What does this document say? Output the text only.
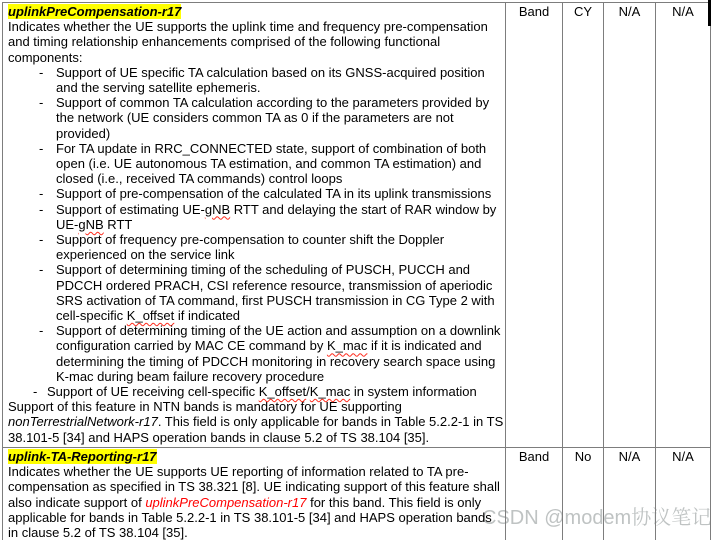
CSDN @modem协议笔记
uplinkPreCompensation-r17
Indicates whether the UE supports the uplink time and frequency pre-compensation and timing relationship enhancements comprised of the following functional components:
- Support of UE specific TA calculation based on its GNSS-acquired position and the serving satellite ephemeris.
- Support of common TA calculation according to the parameters provided by the network (UE considers common TA as 0 if the parameters are not provided)
- For TA update in RRC_CONNECTED state, support of combination of both open (i.e. UE autonomous TA estimation, and common TA estimation) and closed (i.e., received TA commands) control loops
- Support of pre-compensation of the calculated TA in its uplink transmissions
- Support of estimating UE-gNB RTT and delaying the start of RAR window by UE-gNB RTT
- Support of frequency pre-compensation to counter shift the Doppler experienced on the service link
- Support of determining timing of the scheduling of PUSCH, PUCCH and PDCCH ordered PRACH, CSI reference resource, transmission of aperiodic SRS activation of TA command, first PUSCH transmission in CG Type 2 with cell-specific K_offset if indicated
- Support of determining timing of the UE action and assumption on a downlink configuration carried by MAC CE command by K_mac if it is indicated and determining the timing of PDCCH monitoring in recovery search space using K-mac during beam failure recovery procedure
- Support of UE receiving cell-specific K_offset/K_mac in system information
Support of this feature in NTN bands is mandatory for UE supporting nonTerrestrialNetwork-r17. This field is only applicable for bands in Table 5.2.2-1 in TS 38.101-5 [34] and HAPS operation bands in clause 5.2 of TS 38.104 [35].
	Band	CY	N/A	N/A

uplink-TA-Reporting-r17
Indicates whether the UE supports UE reporting of information related to TA pre-compensation as specified in TS 38.321 [8]. UE indicating support of this feature shall also indicate support of uplinkPreCompensation-r17 for this band. This field is only applicable for bands in Table 5.2.2-1 in TS 38.101-5 [34] and HAPS operation bands in clause 5.2 of TS 38.104 [35].	Band	No	N/A	N/A
